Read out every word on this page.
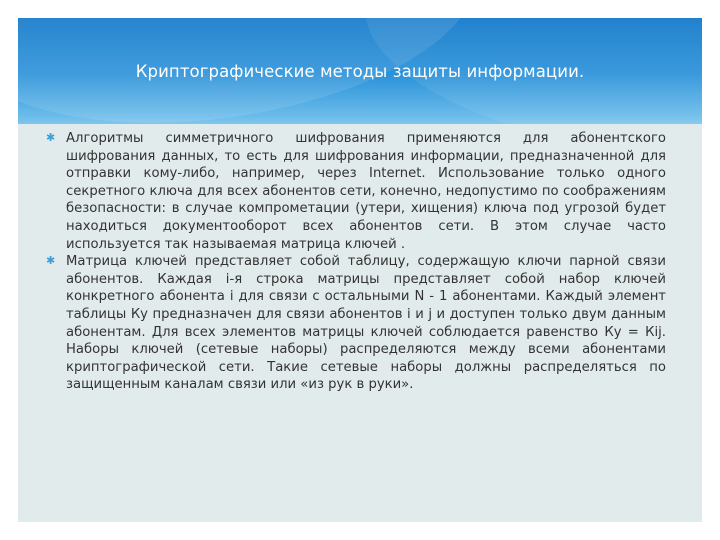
Криптографические методы защиты информации.
✱ Алгоритмы симметричного шифрования применяются для абонентского шифрования данных, то есть для шифрования информации, предназначенной для отправки кому-либо, например, через Internet. Использование только одного секретного ключа для всех абонентов сети, конечно, недопустимо по соображениям безопасности: в случае компрометации (утери, хищения) ключа под угрозой будет находиться документооборот всех абонентов сети. В этом случае часто используется так называемая матрица ключей .
✱ Матрица ключей представляет собой таблицу, содержащую ключи парной связи абонентов. Каждая i-я строка матрицы представляет собой набор ключей конкретного абонента i для связи с остальными N - 1 абонентами. Каждый элемент таблицы Кy предназначен для связи абонентов i и j и доступен только двум данным абонентам. Для всех элементов матрицы ключей соблюдается равенство Кy = Кij. Наборы ключей (сетевые наборы) распределяются между всеми абонентами криптографической сети. Такие сетевые наборы должны распределяться по защищенным каналам связи или «из рук в руки».
